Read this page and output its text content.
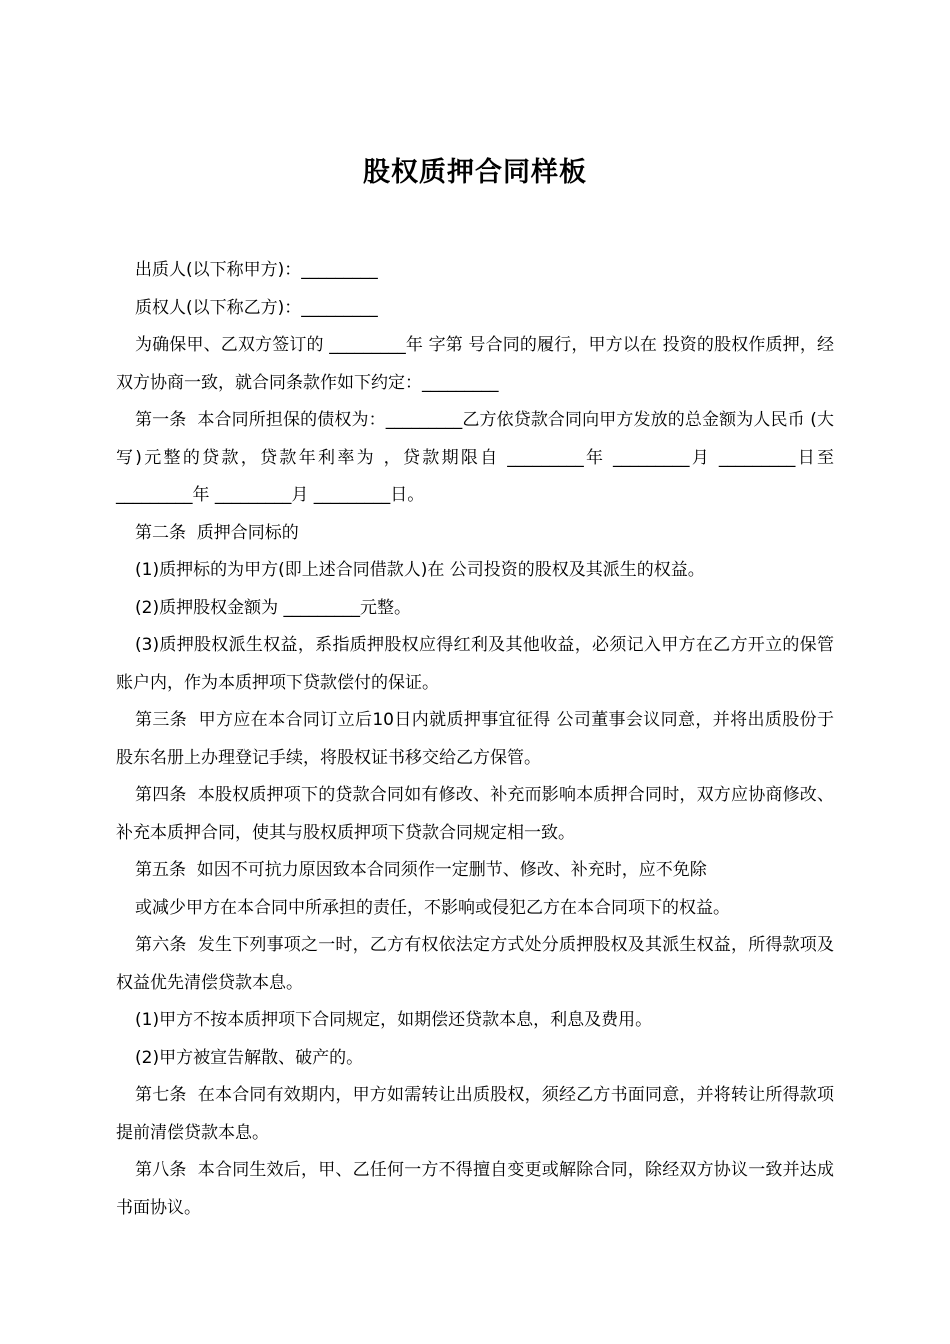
股权质押合同样板

出质人(以下称甲方)：_________

质权人(以下称乙方)：_________

为确保甲、乙双方签订的 _________年 字第 号合同的履行，甲方以在 投资的股权作质押，经双方协商一致，就合同条款作如下约定：_________

第一条  本合同所担保的债权为：_________乙方依贷款合同向甲方发放的总金额为人民币 (大写)元整的贷款，贷款年利率为 ，贷款期限自 _________年 _________月 _________日至 _________年 _________月 _________日。

第二条  质押合同标的

(1)质押标的为甲方(即上述合同借款人)在 公司投资的股权及其派生的权益。

(2)质押股权金额为 _________元整。

(3)质押股权派生权益，系指质押股权应得红利及其他收益，必须记入甲方在乙方开立的保管账户内，作为本质押项下贷款偿付的保证。

第三条  甲方应在本合同订立后10日内就质押事宜征得 公司董事会议同意，并将出质股份于股东名册上办理登记手续，将股权证书移交给乙方保管。

第四条  本股权质押项下的贷款合同如有修改、补充而影响本质押合同时，双方应协商修改、补充本质押合同，使其与股权质押项下贷款合同规定相一致。

第五条  如因不可抗力原因致本合同须作一定删节、修改、补充时，应不免除

或减少甲方在本合同中所承担的责任，不影响或侵犯乙方在本合同项下的权益。

第六条  发生下列事项之一时，乙方有权依法定方式处分质押股权及其派生权益，所得款项及权益优先清偿贷款本息。

(1)甲方不按本质押项下合同规定，如期偿还贷款本息，利息及费用。

(2)甲方被宣告解散、破产的。

第七条  在本合同有效期内，甲方如需转让出质股权，须经乙方书面同意，并将转让所得款项提前清偿贷款本息。

第八条  本合同生效后，甲、乙任何一方不得擅自变更或解除合同，除经双方协议一致并达成书面协议。
